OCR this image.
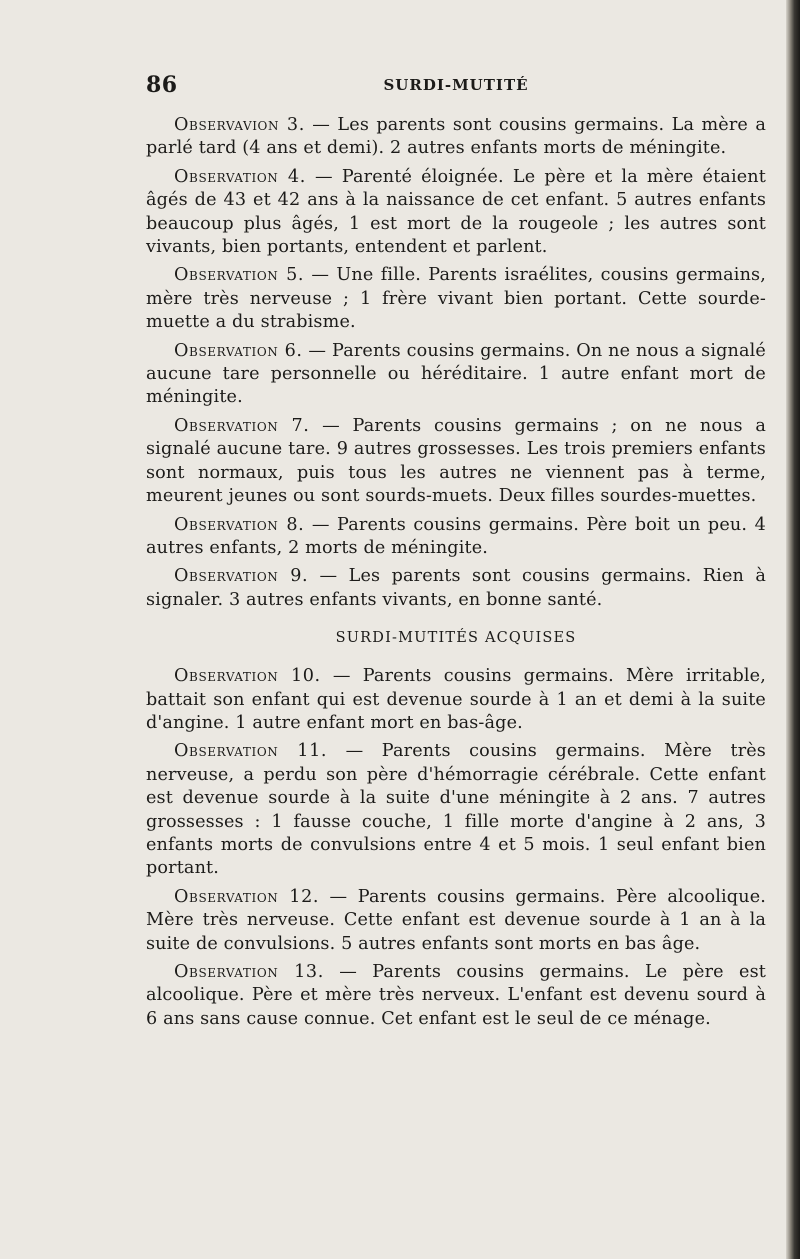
86	SURDI-MUTITÉ

Observavion 3. — Les parents sont cousins germains. La mère a parlé tard (4 ans et demi). 2 autres enfants morts de méningite.

Observation 4. — Parenté éloignée. Le père et la mère étaient âgés de 43 et 42 ans à la naissance de cet enfant. 5 autres enfants beaucoup plus âgés, 1 est mort de la rougeole ; les autres sont vivants, bien portants, entendent et parlent.

Observation 5. — Une fille. Parents israélites, cousins germains, mère très nerveuse ; 1 frère vivant bien portant. Cette sourde-muette a du strabisme.

Observation 6. — Parents cousins germains. On ne nous a signalé aucune tare personnelle ou héréditaire. 1 autre enfant mort de méningite.

Observation 7. — Parents cousins germains ; on ne nous a signalé aucune tare. 9 autres grossesses. Les trois premiers enfants sont normaux, puis tous les autres ne viennent pas à terme, meurent jeunes ou sont sourds-muets. Deux filles sourdes-muettes.

Observation 8. — Parents cousins germains. Père boit un peu. 4 autres enfants, 2 morts de méningite.

Observation 9. — Les parents sont cousins germains. Rien à signaler. 3 autres enfants vivants, en bonne santé.

SURDI-MUTITÉS ACQUISES

Observation 10. — Parents cousins germains. Mère irritable, battait son enfant qui est devenue sourde à 1 an et demi à la suite d'angine. 1 autre enfant mort en bas-âge.

Observation 11. — Parents cousins germains. Mère très nerveuse, a perdu son père d'hémorragie cérébrale. Cette enfant est devenue sourde à la suite d'une méningite à 2 ans. 7 autres grossesses : 1 fausse couche, 1 fille morte d'angine à 2 ans, 3 enfants morts de convulsions entre 4 et 5 mois. 1 seul enfant bien portant.

Observation 12. — Parents cousins germains. Père alcoolique. Mère très nerveuse. Cette enfant est devenue sourde à 1 an à la suite de convulsions. 5 autres enfants sont morts en bas âge.

Observation 13. — Parents cousins germains. Le père est alcoolique. Père et mère très nerveux. L'enfant est devenu sourd à 6 ans sans cause connue. Cet enfant est le seul de ce ménage.
